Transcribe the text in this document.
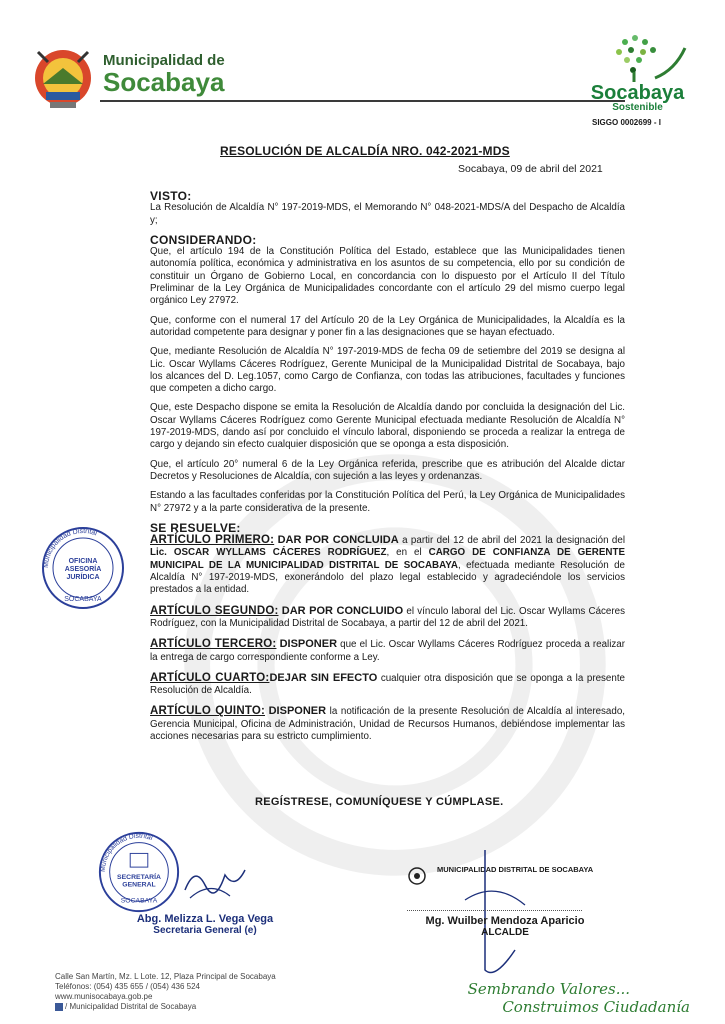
Municipalidad de
Socabaya	Socabaya
Sostenible
SIGGO 0002699 - I
RESOLUCIÓN DE ALCALDÍA NRO. 042-2021-MDS
Socabaya, 09 de abril del 2021
VISTO:

La Resolución de Alcaldía N° 197-2019-MDS, el Memorando N° 048-2021-MDS/A del Despacho de Alcaldía y;

CONSIDERANDO:

Que, el artículo 194 de la Constitución Política del Estado, establece que las Municipalidades tienen autonomía política, económica y administrativa en los asuntos de su competencia, ello por su condición de constituir un Órgano de Gobierno Local, en concordancia con lo dispuesto por el Artículo II del Título Preliminar de la Ley Orgánica de Municipalidades concordante con el artículo 29 del mismo cuerpo legal orgánico Ley 27972.

Que, conforme con el numeral 17 del Artículo 20 de la Ley Orgánica de Municipalidades, la Alcaldía es la autoridad competente para designar y poner fin a las designaciones que se hayan efectuado.

Que, mediante Resolución de Alcaldía N° 197-2019-MDS de fecha 09 de setiembre del 2019 se designa al Lic. Oscar Wyllams Cáceres Rodríguez, Gerente Municipal de la Municipalidad Distrital de Socabaya, bajo los alcances del D. Leg.1057, como Cargo de Confianza, con todas las atribuciones, facultades y funciones que competen a dicho cargo.

Que, este Despacho dispone se emita la Resolución de Alcaldía dando por concluida la designación del Lic. Oscar Wyllams Cáceres Rodríguez como Gerente Municipal efectuada mediante Resolución de Alcaldía N° 197-2019-MDS, dando así por concluido el vínculo laboral, disponiendo se proceda a realizar la entrega de cargo y dejando sin efecto cualquier disposición que se oponga a esta disposición.

Que, el artículo 20° numeral 6 de la Ley Orgánica referida, prescribe que es atribución del Alcalde dictar Decretos y Resoluciones de Alcaldía, con sujeción a las leyes y ordenanzas.

Estando a las facultades conferidas por la Constitución Política del Perú, la Ley Orgánica de Municipalidades N° 27972 y a la parte considerativa de la presente.

SE RESUELVE:
ARTÍCULO PRIMERO: DAR POR CONCLUIDA a partir del 12 de abril del 2021 la designación del Lic. OSCAR WYLLAMS CÁCERES RODRÍGUEZ, en el CARGO DE CONFIANZA DE GERENTE MUNICIPAL DE LA MUNICIPALIDAD DISTRITAL DE SOCABAYA, efectuada mediante Resolución de Alcaldía N° 197-2019-MDS, exonerándolo del plazo legal establecido y agradeciéndole los servicios prestados a la entidad.
ARTÍCULO SEGUNDO: DAR POR CONCLUIDO el vínculo laboral del Lic. Oscar Wyllams Cáceres Rodríguez, con la Municipalidad Distrital de Socabaya, a partir del 12 de abril del 2021.
ARTÍCULO TERCERO: DISPONER que el Lic. Oscar Wyllams Cáceres Rodríguez proceda a realizar la entrega de cargo correspondiente conforme a Ley.
ARTÍCULO CUARTO:DEJAR SIN EFECTO cualquier otra disposición que se oponga a la presente Resolución de Alcaldía.
ARTÍCULO QUINTO: DISPONER la notificación de la presente Resolución de Alcaldía al interesado, Gerencia Municipal, Oficina de Administración, Unidad de Recursos Humanos, debiéndose implementar las acciones necesarias para su estricto cumplimiento.
REGÍSTRESE, COMUNÍQUESE Y CÚMPLASE.
Municipalidad Distrital
OFICINA
ASESORÍA
JURÍDICA
SOCABAYA
Municipalidad Distrital
SECRETARÍA
GENERAL
SOCABAYA
Abg. Melizza L. Vega Vega
Secretaria General (e)
MUNICIPALIDAD DISTRITAL DE SOCABAYA
Mg. Wuilber Mendoza Aparicio
ALCALDE
Calle San Martín, Mz. L Lote. 12, Plaza Principal de Socabaya
Teléfonos: (054) 435 655 / (054) 436 524
www.munisocabaya.gob.pe
/ Municipalidad Distrital de Socabaya
Sembrando Valores...
Construimos Ciudadanía
